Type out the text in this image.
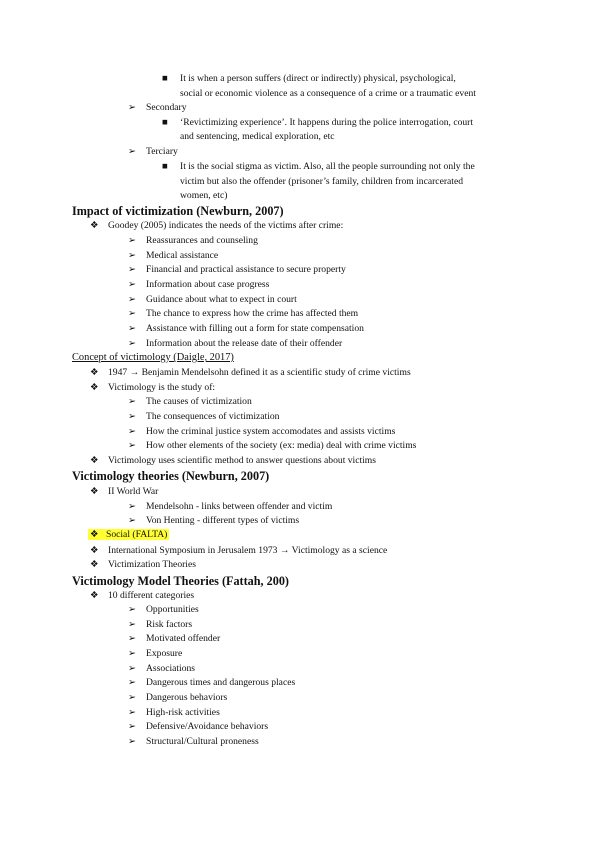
■ It is when a person suffers (direct or indirectly) physical, psychological,
social or economic violence as a consequence of a crime or a traumatic event
➢ Secondary
■ ‘Revictimizing experience’. It happens during the police interrogation, court
and sentencing, medical exploration, etc
➢ Terciary
■ It is the social stigma as victim. Also, all the people surrounding not only the
victim but also the offender (prisoner’s family, children from incarcerated
women, etc)
Impact of victimization (Newburn, 2007)
❖ Goodey (2005) indicates the needs of the victims after crime:
➢ Reassurances and counseling
➢ Medical assistance
➢ Financial and practical assistance to secure property
➢ Information about case progress
➢ Guidance about what to expect in court
➢ The chance to express how the crime has affected them
➢ Assistance with filling out a form for state compensation
➢ Information about the release date of their offender
Concept of victimology (Daigle, 2017)
❖ 1947 → Benjamin Mendelsohn defined it as a scientific study of crime victims
❖ Victimology is the study of:
➢ The causes of victimization
➢ The consequences of victimization
➢ How the criminal justice system accomodates and assists victims
➢ How other elements of the society (ex: media) deal with crime victims
❖ Victimology uses scientific method to answer questions about victims
Victimology theories (Newburn, 2007)
❖ II World War
➢ Mendelsohn - links between offender and victim
➢ Von Henting - different types of victims
❖ Social (FALTA)
❖ International Symposium in Jerusalem 1973 → Victimology as a science
❖ Victimization Theories
Victimology Model Theories (Fattah, 200)
❖ 10 different categories
➢ Opportunities
➢ Risk factors
➢ Motivated offender
➢ Exposure
➢ Associations
➢ Dangerous times and dangerous places
➢ Dangerous behaviors
➢ High-risk activities
➢ Defensive/Avoidance behaviors
➢ Structural/Cultural proneness
